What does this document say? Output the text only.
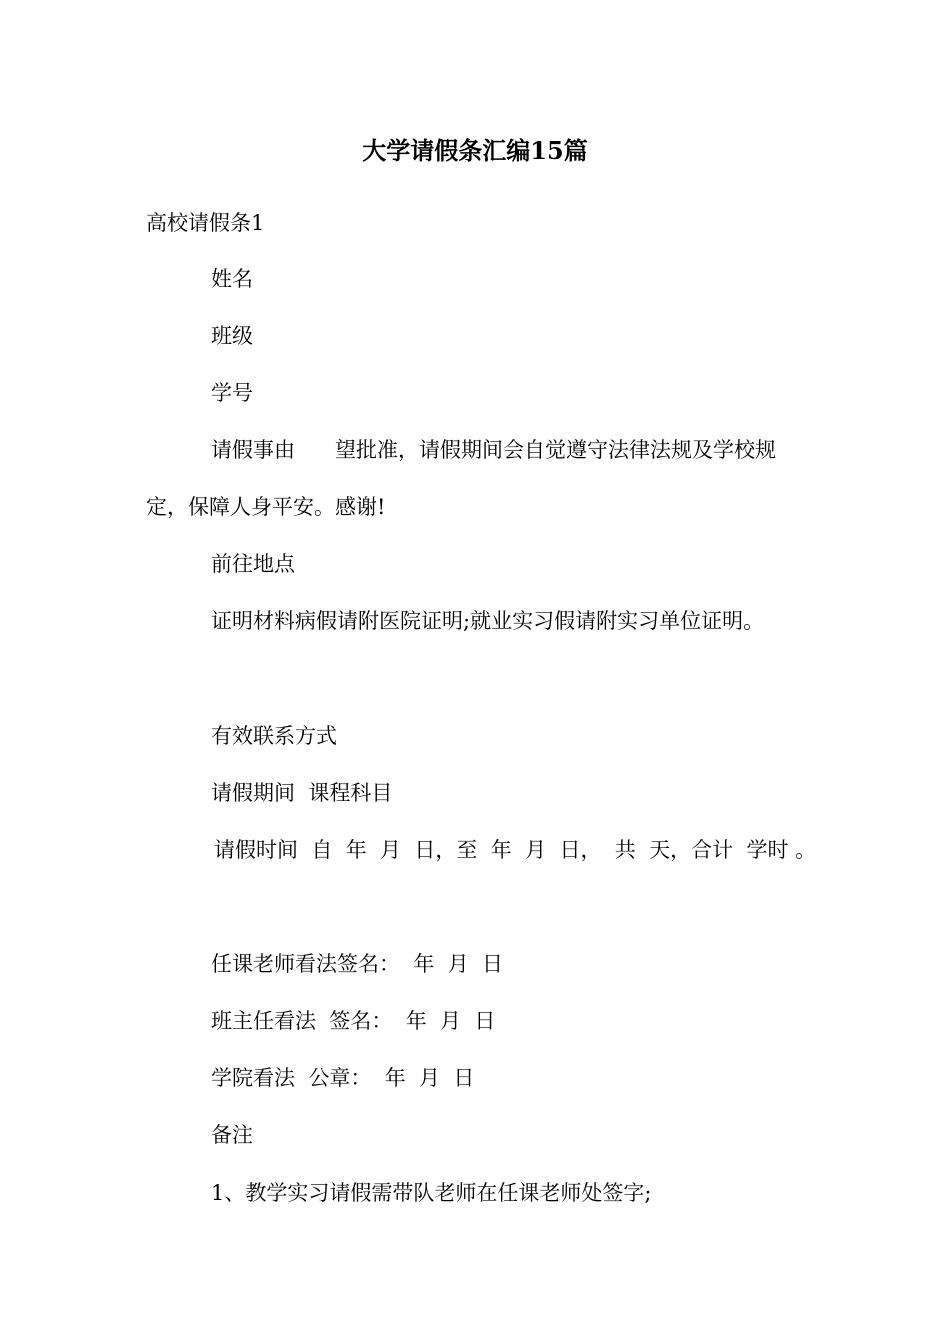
大学请假条汇编15篇
高校请假条1
姓名
班级
学号
请假事由      望批准，请假期间会自觉遵守法律法规及学校规
定，保障人身平安。感谢!
前往地点
证明材料病假请附医院证明;就业实习假请附实习单位证明。
有效联系方式
请假期间  课程科目
请假时间  自  年  月  日，至  年  月  日，  共  天，合计  学时 。
任课老师看法签名：  年  月  日
班主任看法  签名：  年  月  日
学院看法  公章：  年  月  日
备注
1、教学实习请假需带队老师在任课老师处签字;
